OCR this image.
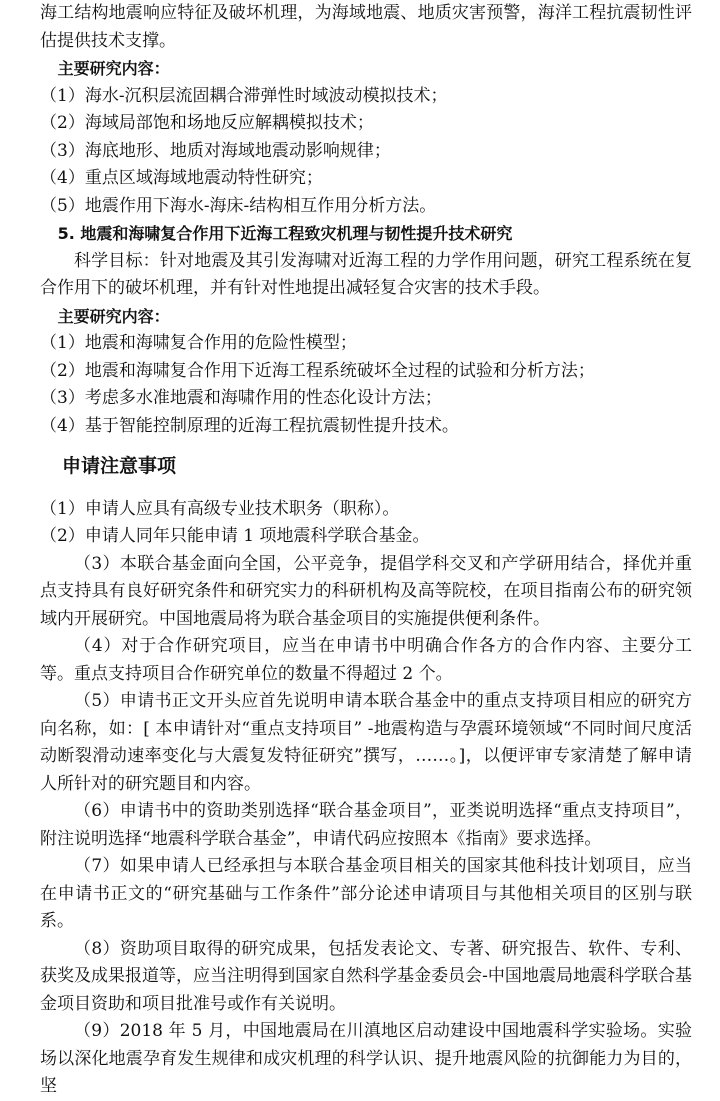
海工结构地震响应特征及破坏机理，为海域地震、地质灾害预警，海洋工程抗震韧性评估提供技术支撑。

主要研究内容：

（1）海水-沉积层流固耦合滞弹性时域波动模拟技术；

（2）海域局部饱和场地反应解耦模拟技术；

（3）海底地形、地质对海域地震动影响规律；

（4）重点区域海域地震动特性研究；

（5）地震作用下海水-海床-结构相互作用分析方法。

5. 地震和海啸复合作用下近海工程致灾机理与韧性提升技术研究

科学目标：针对地震及其引发海啸对近海工程的力学作用问题，研究工程系统在复合作用下的破坏机理，并有针对性地提出减轻复合灾害的技术手段。

主要研究内容：

（1）地震和海啸复合作用的危险性模型；

（2）地震和海啸复合作用下近海工程系统破坏全过程的试验和分析方法；

（3）考虑多水准地震和海啸作用的性态化设计方法；

（4）基于智能控制原理的近海工程抗震韧性提升技术。

申请注意事项

（1）申请人应具有高级专业技术职务（职称）。

（2）申请人同年只能申请 1 项地震科学联合基金。

（3）本联合基金面向全国，公平竞争，提倡学科交叉和产学研用结合，择优并重点支持具有良好研究条件和研究实力的科研机构及高等院校，在项目指南公布的研究领域内开展研究。中国地震局将为联合基金项目的实施提供便利条件。

（4）对于合作研究项目，应当在申请书中明确合作各方的合作内容、主要分工等。重点支持项目合作研究单位的数量不得超过 2 个。

（5）申请书正文开头应首先说明申请本联合基金中的重点支持项目相应的研究方向名称，如：[ 本申请针对“重点支持项目” -地震构造与孕震环境领域“不同时间尺度活动断裂滑动速率变化与大震复发特征研究”撰写，……。]，以便评审专家清楚了解申请人所针对的研究题目和内容。

（6）申请书中的资助类别选择“联合基金项目”，亚类说明选择“重点支持项目”，附注说明选择“地震科学联合基金”，申请代码应按照本《指南》要求选择。

（7）如果申请人已经承担与本联合基金项目相关的国家其他科技计划项目，应当在申请书正文的“研究基础与工作条件”部分论述申请项目与其他相关项目的区别与联系。

（8）资助项目取得的研究成果，包括发表论文、专著、研究报告、软件、专利、获奖及成果报道等，应当注明得到国家自然科学基金委员会-中国地震局地震科学联合基金项目资助和项目批准号或作有关说明。

（9）2018 年 5 月，中国地震局在川滇地区启动建设中国地震科学实验场。实验场以深化地震孕育发生规律和成灾机理的科学认识、提升地震风险的抗御能力为目的，坚
